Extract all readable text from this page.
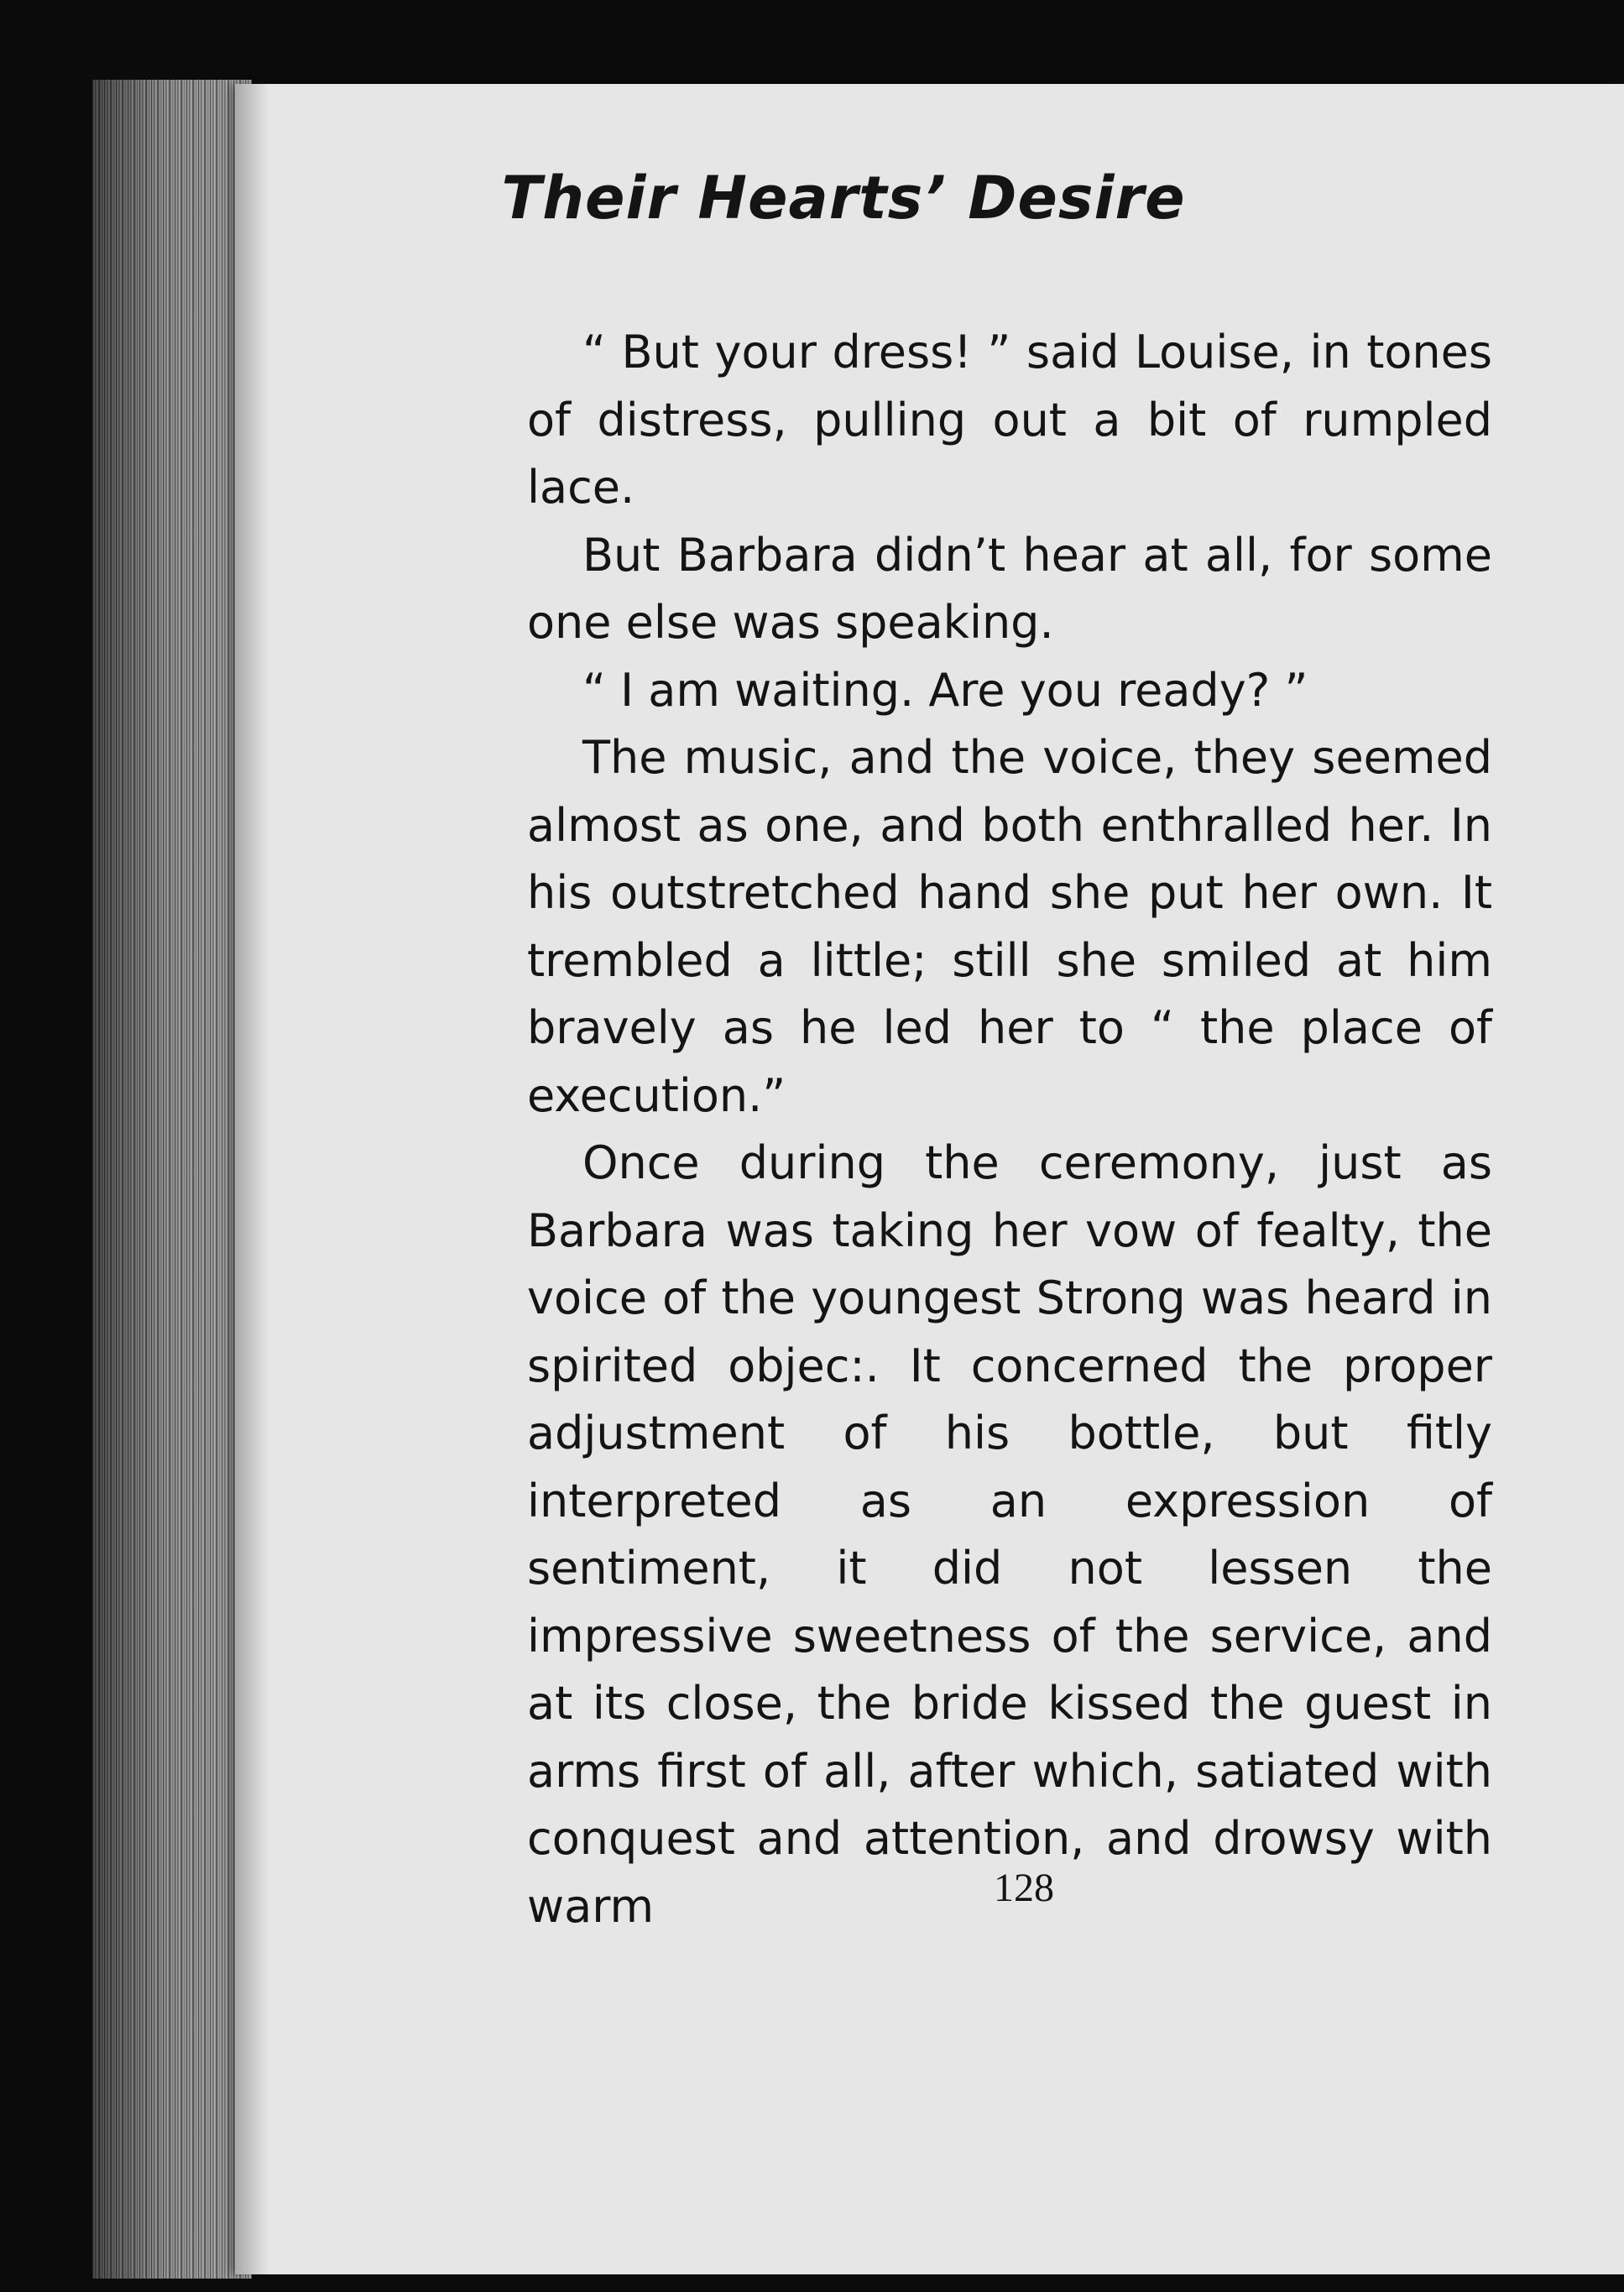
Their Hearts’ Desire

“ But your dress! ” said Louise, in tones of distress, pulling out a bit of rumpled lace.

But Barbara didn’t hear at all, for some one else was speaking.

“ I am waiting. Are you ready? ”

The music, and the voice, they seemed almost as one, and both enthralled her. In his outstretched hand she put her own. It trembled a little; still she smiled at him bravely as he led her to “ the place of execution.”

Once during the ceremony, just as Barbara was taking her vow of fealty, the voice of the youngest Strong was heard in spirited objec:. It concerned the proper adjustment of his bottle, but fitly interpreted as an expression of sentiment, it did not lessen the impressive sweetness of the service, and at its close, the bride kissed the guest in arms first of all, after which, satiated with conquest and attention, and drowsy with warm	128
